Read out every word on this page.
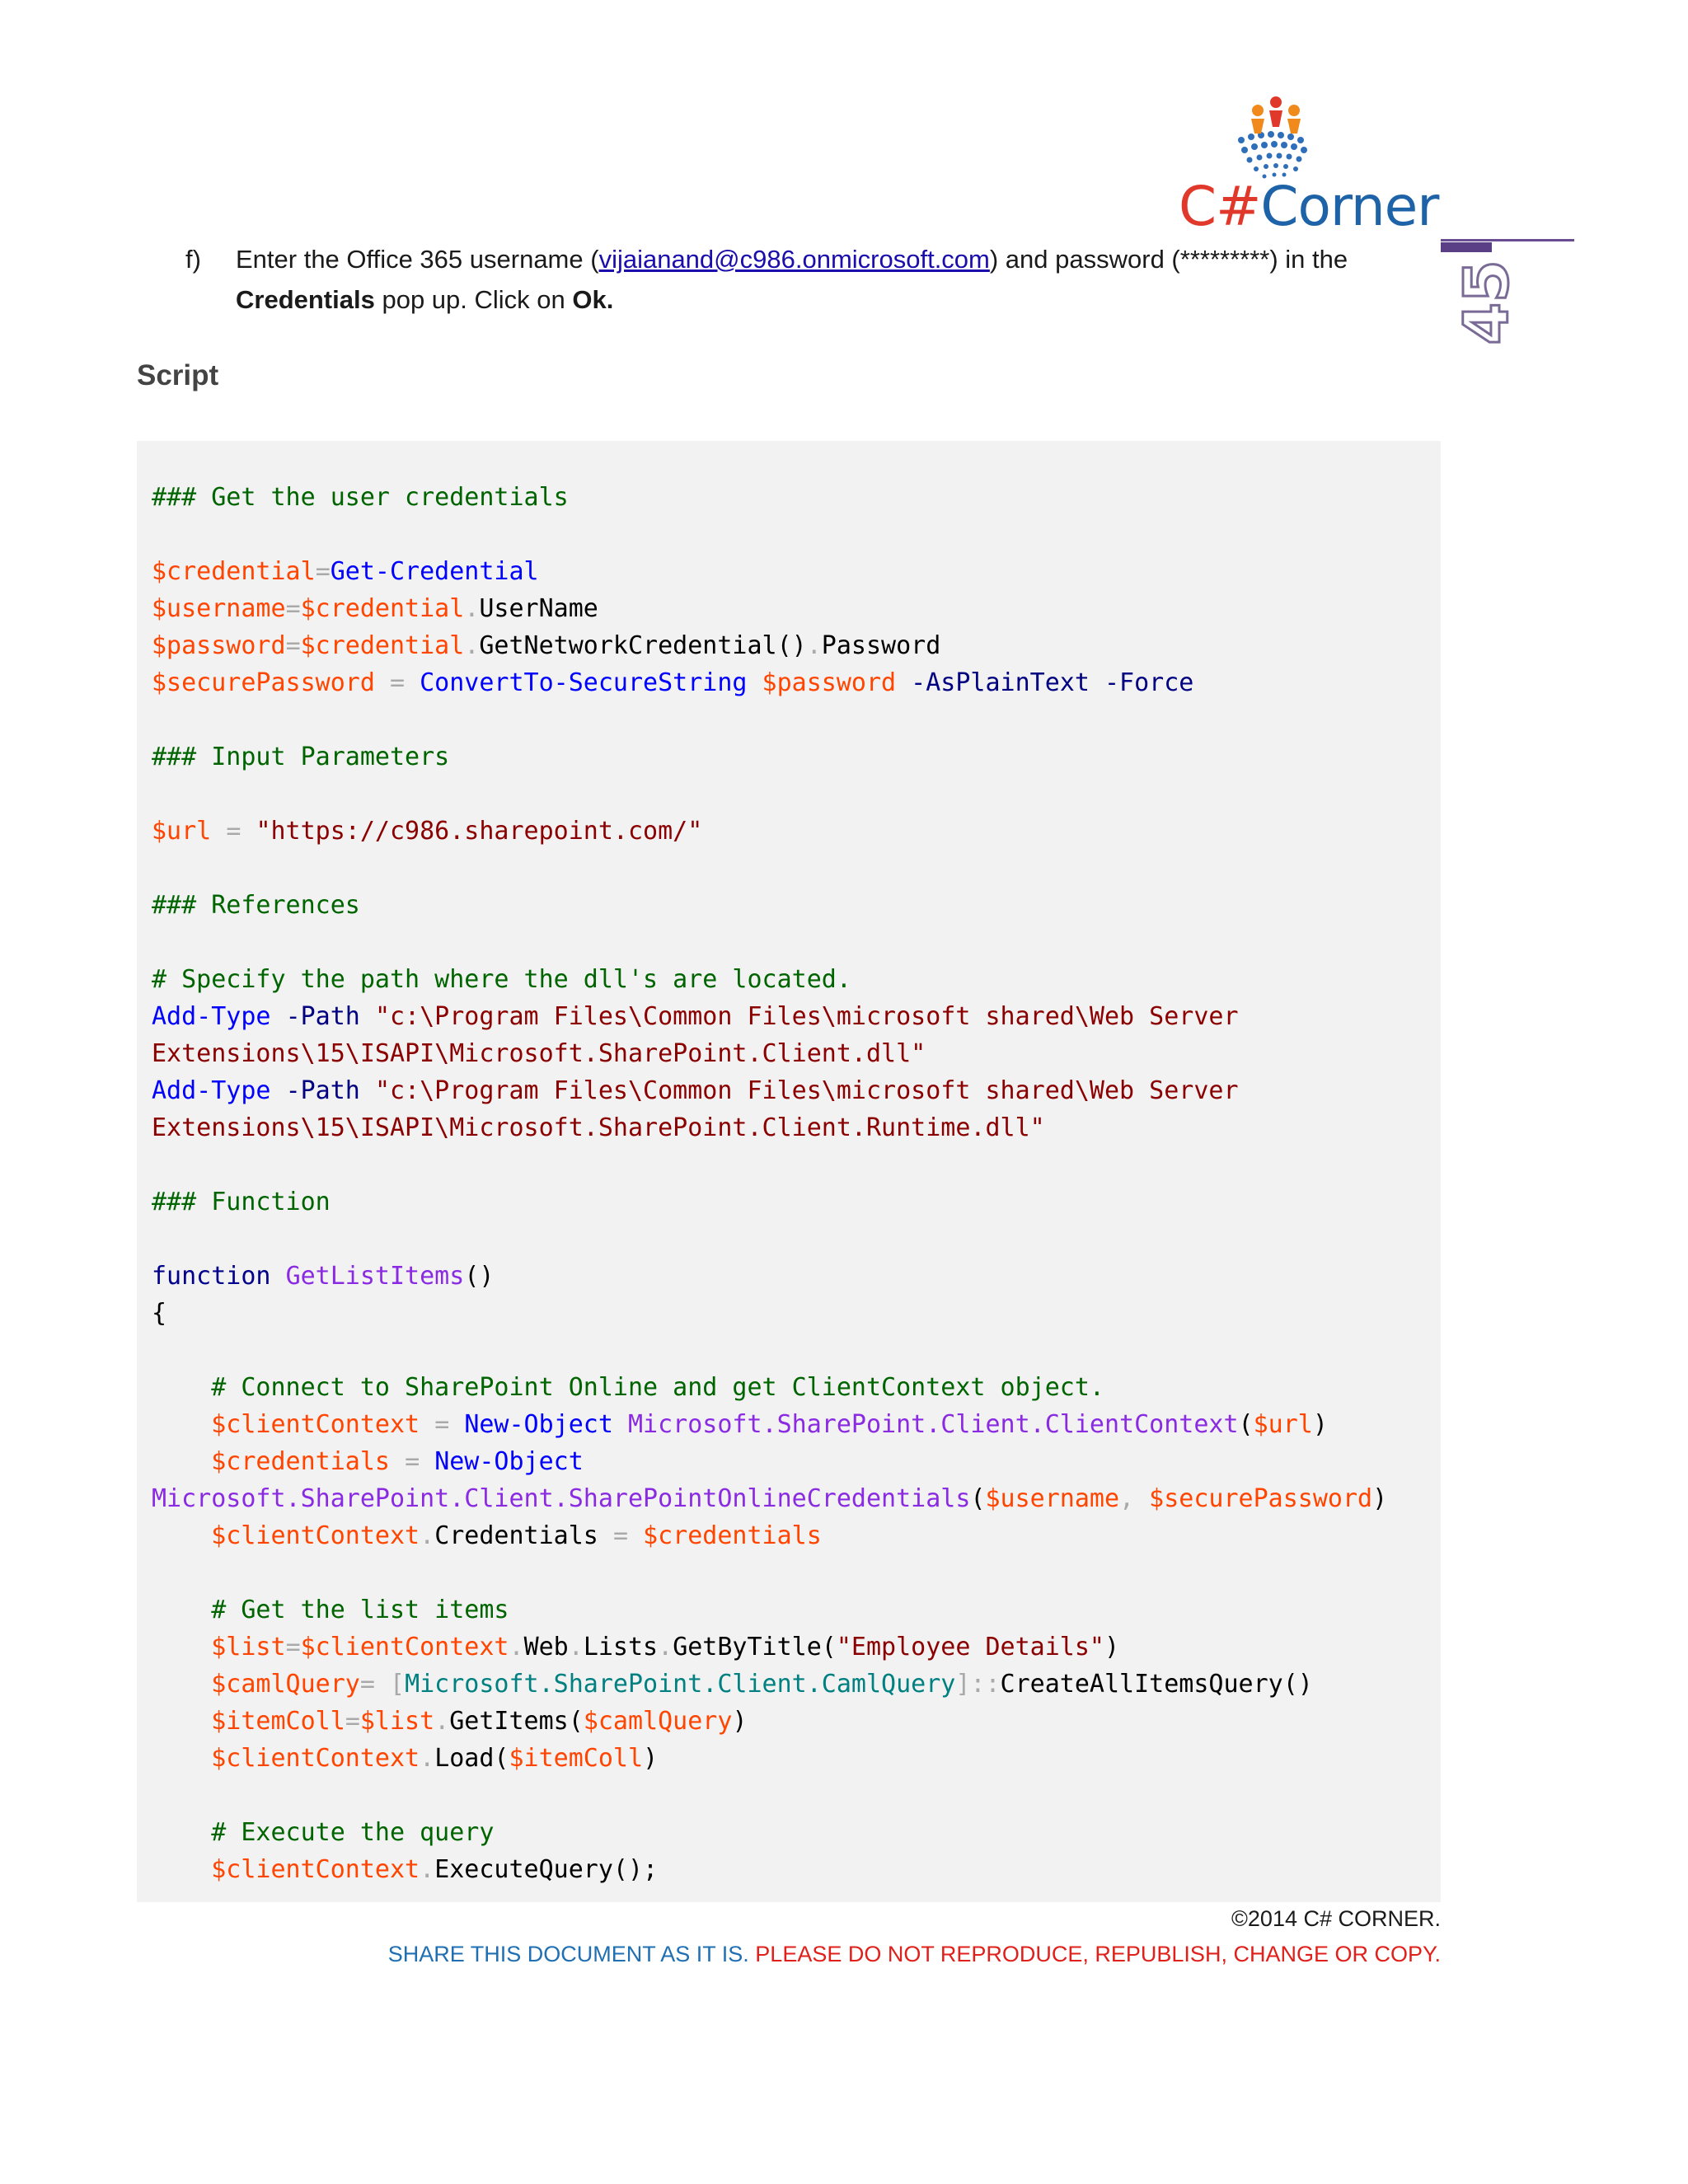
C#Corner
45
f) Enter the Office 365 username (vijaianand@c986.onmicrosoft.com) and password (*********) in the
Credentials pop up. Click on Ok.
Script
### Get the user credentials
$credential=Get-Credential
$username=$credential.UserName
$password=$credential.GetNetworkCredential().Password
$securePassword = ConvertTo-SecureString $password -AsPlainText -Force
### Input Parameters
$url = "https://c986.sharepoint.com/"
### References
# Specify the path where the dll's are located.
Add-Type -Path "c:\Program Files\Common Files\microsoft shared\Web Server
Extensions\15\ISAPI\Microsoft.SharePoint.Client.dll"
Add-Type -Path "c:\Program Files\Common Files\microsoft shared\Web Server
Extensions\15\ISAPI\Microsoft.SharePoint.Client.Runtime.dll"
### Function
function GetListItems()
{
# Connect to SharePoint Online and get ClientContext object.
$clientContext = New-Object Microsoft.SharePoint.Client.ClientContext($url)
$credentials = New-Object
Microsoft.SharePoint.Client.SharePointOnlineCredentials($username, $securePassword)
$clientContext.Credentials = $credentials
# Get the list items
$list=$clientContext.Web.Lists.GetByTitle("Employee Details")
$camlQuery= [Microsoft.SharePoint.Client.CamlQuery]::CreateAllItemsQuery()
$itemColl=$list.GetItems($camlQuery)
$clientContext.Load($itemColl)
# Execute the query
$clientContext.ExecuteQuery();
©2014 C# CORNER.
SHARE THIS DOCUMENT AS IT IS. PLEASE DO NOT REPRODUCE, REPUBLISH, CHANGE OR COPY.
